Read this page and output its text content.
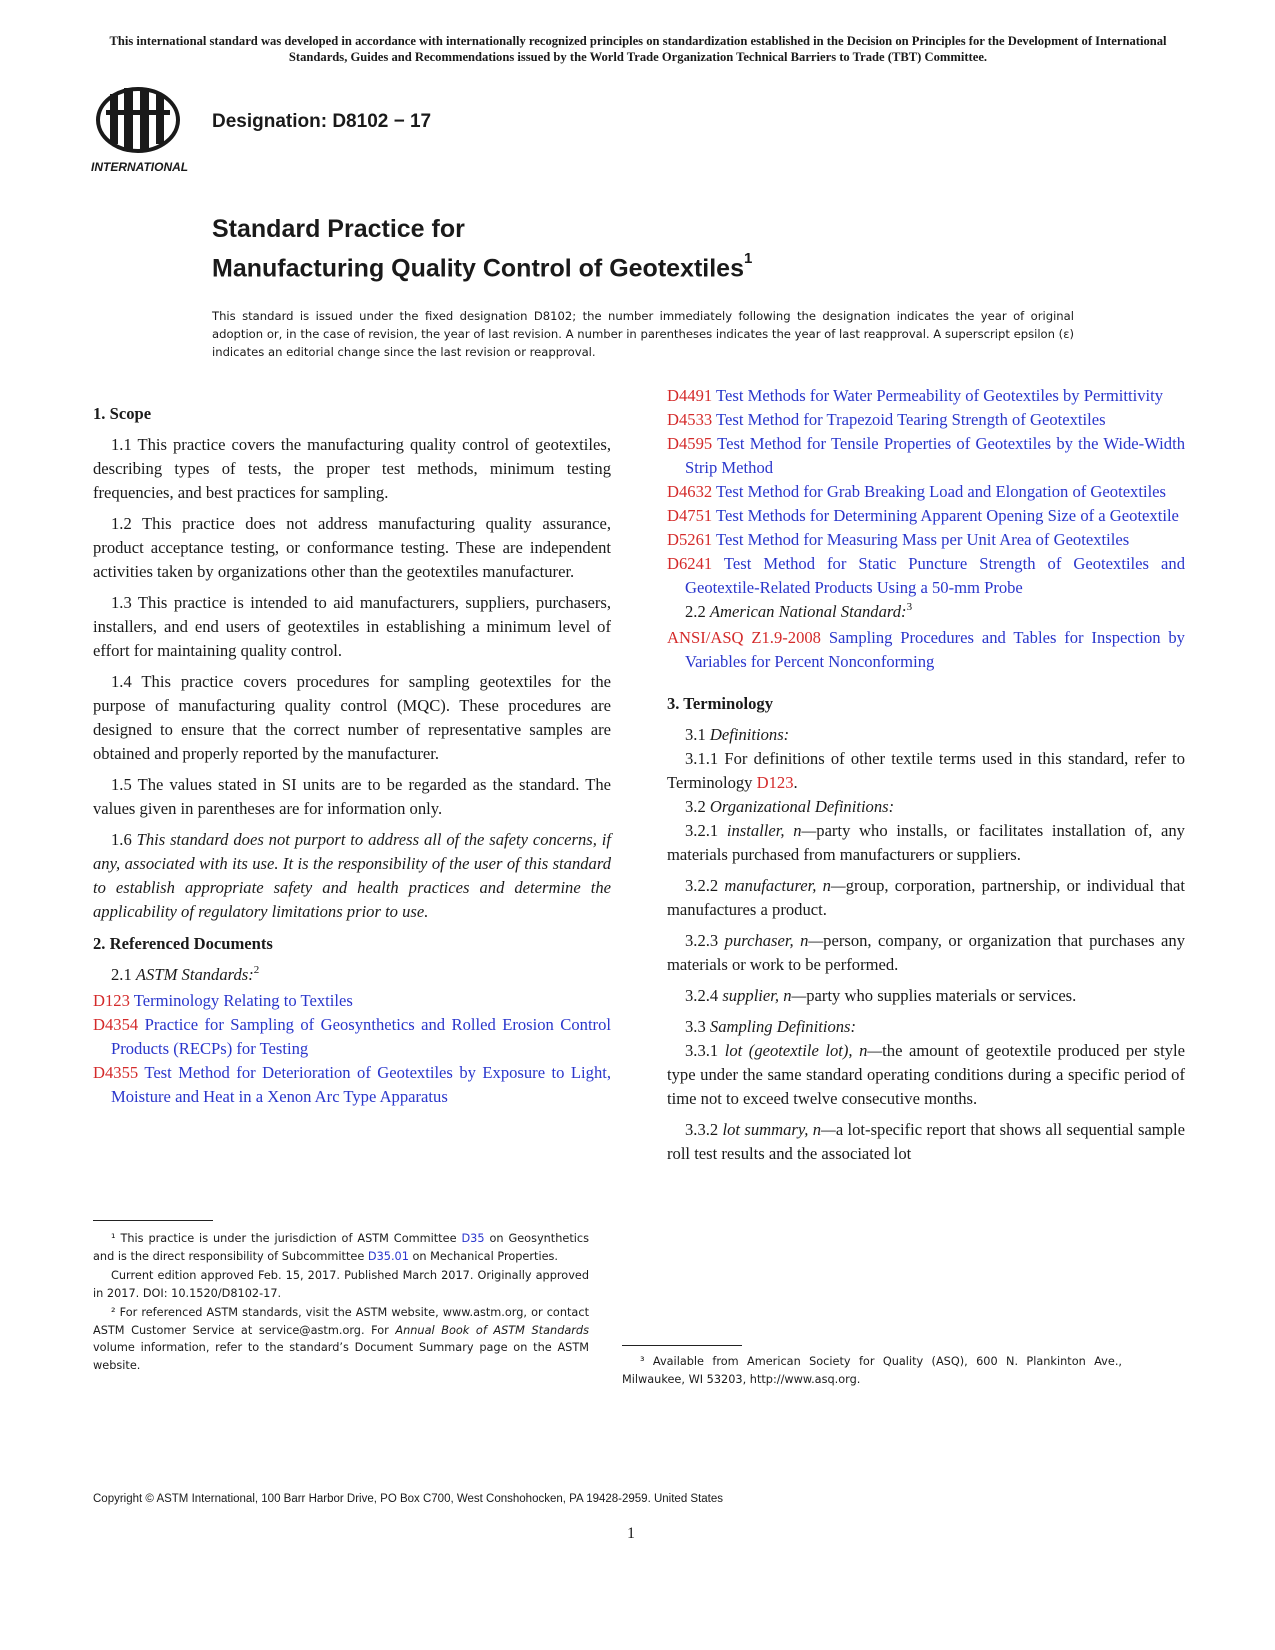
This international standard was developed in accordance with internationally recognized principles on standardization established in the Decision on Principles for the Development of International Standards, Guides and Recommendations issued by the World Trade Organization Technical Barriers to Trade (TBT) Committee.
INTERNATIONAL
Designation: D8102 − 17
Standard Practice for
Manufacturing Quality Control of Geotextiles$^1$
This standard is issued under the fixed designation D8102; the number immediately following the designation indicates the year of original adoption or, in the case of revision, the year of last revision. A number in parentheses indicates the year of last reapproval. A superscript epsilon (ε) indicates an editorial change since the last revision or reapproval.

1. Scope

1.1 This practice covers the manufacturing quality control of geotextiles, describing types of tests, the proper test methods, minimum testing frequencies, and best practices for sampling.

1.2 This practice does not address manufacturing quality assurance, product acceptance testing, or conformance testing. These are independent activities taken by organizations other than the geotextiles manufacturer.

1.3 This practice is intended to aid manufacturers, suppliers, purchasers, installers, and end users of geotextiles in establishing a minimum level of effort for maintaining quality control.

1.4 This practice covers procedures for sampling geotextiles for the purpose of manufacturing quality control (MQC). These procedures are designed to ensure that the correct number of representative samples are obtained and properly reported by the manufacturer.

1.5 The values stated in SI units are to be regarded as the standard. The values given in parentheses are for information only.

1.6 This standard does not purport to address all of the safety concerns, if any, associated with its use. It is the responsibility of the user of this standard to establish appropriate safety and health practices and determine the applicability of regulatory limitations prior to use.

2. Referenced Documents

2.1 ASTM Standards:$^2$

D123 Terminology Relating to Textiles

D4354 Practice for Sampling of Geosynthetics and Rolled Erosion Control Products (RECPs) for Testing

D4355 Test Method for Deterioration of Geotextiles by Exposure to Light, Moisture and Heat in a Xenon Arc Type Apparatus

D4491 Test Methods for Water Permeability of Geotextiles by Permittivity

D4533 Test Method for Trapezoid Tearing Strength of Geotextiles

D4595 Test Method for Tensile Properties of Geotextiles by the Wide-Width Strip Method

D4632 Test Method for Grab Breaking Load and Elongation of Geotextiles

D4751 Test Methods for Determining Apparent Opening Size of a Geotextile

D5261 Test Method for Measuring Mass per Unit Area of Geotextiles

D6241 Test Method for Static Puncture Strength of Geotextiles and Geotextile-Related Products Using a 50-mm Probe

2.2 American National Standard:$^3$

ANSI/ASQ Z1.9-2008 Sampling Procedures and Tables for Inspection by Variables for Percent Nonconforming

3. Terminology

3.1 Definitions:

3.1.1 For definitions of other textile terms used in this standard, refer to Terminology D123.

3.2 Organizational Definitions:

3.2.1 installer, n—party who installs, or facilitates installation of, any materials purchased from manufacturers or suppliers.

3.2.2 manufacturer, n—group, corporation, partnership, or individual that manufactures a product.

3.2.3 purchaser, n—person, company, or organization that purchases any materials or work to be performed.

3.2.4 supplier, n—party who supplies materials or services.

3.3 Sampling Definitions:

3.3.1 lot (geotextile lot), n—the amount of geotextile produced per style type under the same standard operating conditions during a specific period of time not to exceed twelve consecutive months.

3.3.2 lot summary, n—a lot-specific report that shows all sequential sample roll test results and the associated lot

¹ This practice is under the jurisdiction of ASTM Committee D35 on Geosynthetics and is the direct responsibility of Subcommittee D35.01 on Mechanical Properties.

Current edition approved Feb. 15, 2017. Published March 2017. Originally approved in 2017. DOI: 10.1520/D8102-17.

² For referenced ASTM standards, visit the ASTM website, www.astm.org, or contact ASTM Customer Service at service@astm.org. For Annual Book of ASTM Standards volume information, refer to the standard’s Document Summary page on the ASTM website.	³ Available from American Society for Quality (ASQ), 600 N. Plankinton Ave., Milwaukee, WI 53203, http://www.asq.org.

Copyright © ASTM International, 100 Barr Harbor Drive, PO Box C700, West Conshohocken, PA 19428-2959. United States
1
